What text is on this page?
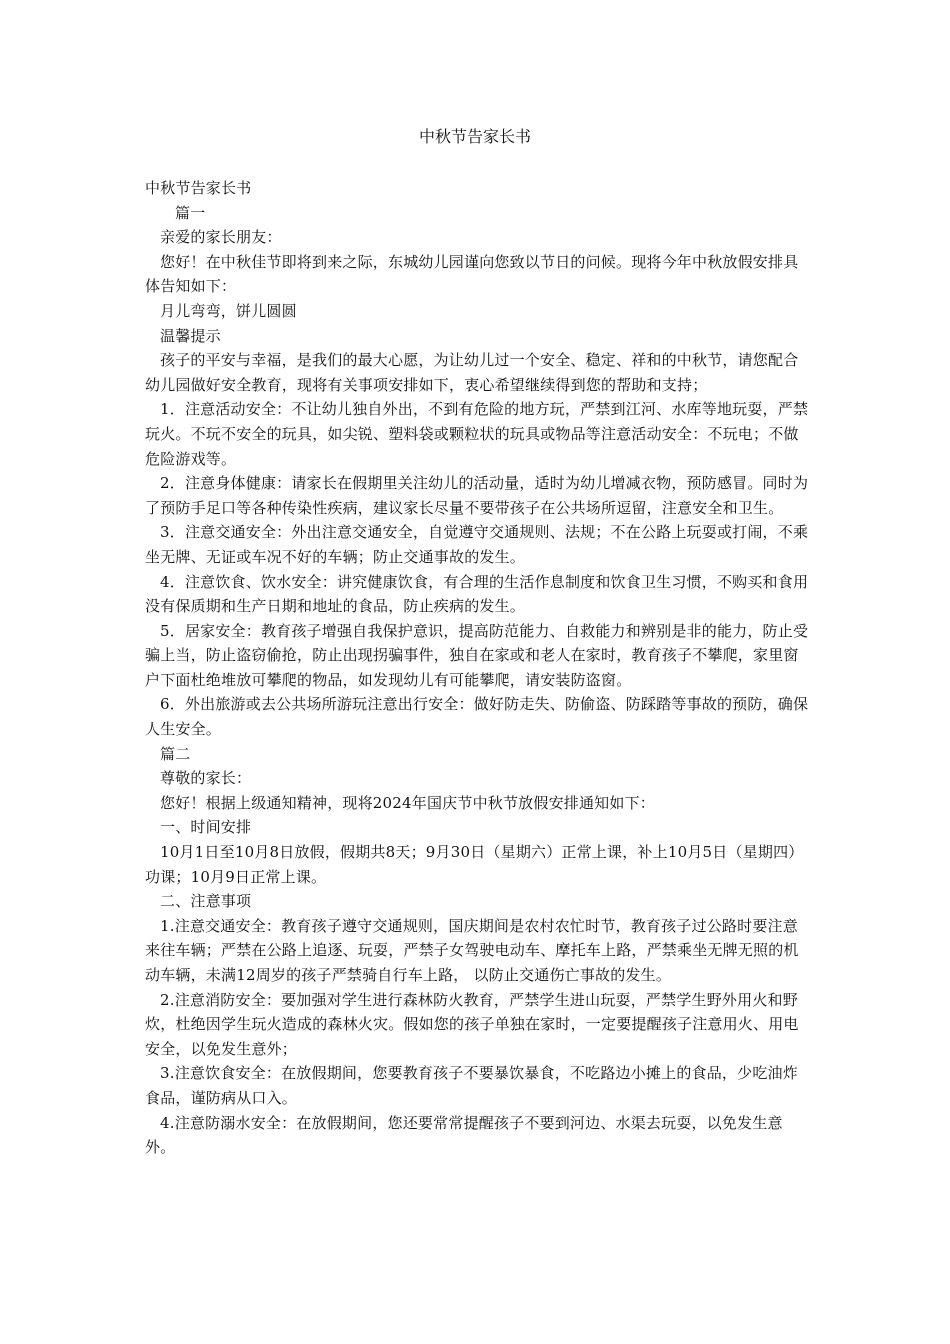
中秋节告家长书

中秋节告家长书

篇一

亲爱的家长朋友：

您好！在中秋佳节即将到来之际，东城幼儿园谨向您致以节日的问候。现将今年中秋放假安排具体告知如下：

月儿弯弯，饼儿圆圆

温馨提示

孩子的平安与幸福，是我们的最大心愿，为让幼儿过一个安全、稳定、祥和的中秋节，请您配合幼儿园做好安全教育，现将有关事项安排如下，衷心希望继续得到您的帮助和支持；

1．注意活动安全：不让幼儿独自外出，不到有危险的地方玩，严禁到江河、水库等地玩耍，严禁玩火。不玩不安全的玩具，如尖锐、塑料袋或颗粒状的玩具或物品等注意活动安全：不玩电；不做危险游戏等。

2．注意身体健康：请家长在假期里关注幼儿的活动量，适时为幼儿增减衣物，预防感冒。同时为了预防手足口等各种传染性疾病，建议家长尽量不要带孩子在公共场所逗留，注意安全和卫生。

3．注意交通安全：外出注意交通安全，自觉遵守交通规则、法规；不在公路上玩耍或打闹，不乘坐无牌、无证或车况不好的车辆；防止交通事故的发生。

4．注意饮食、饮水安全：讲究健康饮食，有合理的生活作息制度和饮食卫生习惯，不购买和食用没有保质期和生产日期和地址的食品，防止疾病的发生。

5．居家安全：教育孩子增强自我保护意识，提高防范能力、自救能力和辨别是非的能力，防止受骗上当，防止盗窃偷抢，防止出现拐骗事件，独自在家或和老人在家时，教育孩子不攀爬，家里窗户下面杜绝堆放可攀爬的物品，如发现幼儿有可能攀爬，请安装防盗窗。

6．外出旅游或去公共场所游玩注意出行安全：做好防走失、防偷盗、防踩踏等事故的预防，确保人生安全。

篇二

尊敬的家长：

您好！根据上级通知精神，现将2024年国庆节中秋节放假安排通知如下：

一、时间安排

10月1日至10月8日放假，假期共8天；9月30日（星期六）正常上课，补上10月5日（星期四）功课；10月9日正常上课。

二、注意事项

1.注意交通安全：教育孩子遵守交通规则，国庆期间是农村农忙时节，教育孩子过公路时要注意来往车辆；严禁在公路上追逐、玩耍，严禁子女驾驶电动车、摩托车上路，严禁乘坐无牌无照的机动车辆，未满12周岁的孩子严禁骑自行车上路， 以防止交通伤亡事故的发生。

2.注意消防安全：要加强对学生进行森林防火教育，严禁学生进山玩耍，严禁学生野外用火和野炊，杜绝因学生玩火造成的森林火灾。假如您的孩子单独在家时，一定要提醒孩子注意用火、用电安全，以免发生意外；

3.注意饮食安全：在放假期间，您要教育孩子不要暴饮暴食，不吃路边小摊上的食品，少吃油炸食品，谨防病从口入。

4.注意防溺水安全：在放假期间，您还要常常提醒孩子不要到河边、水渠去玩耍，以免发生意外。
